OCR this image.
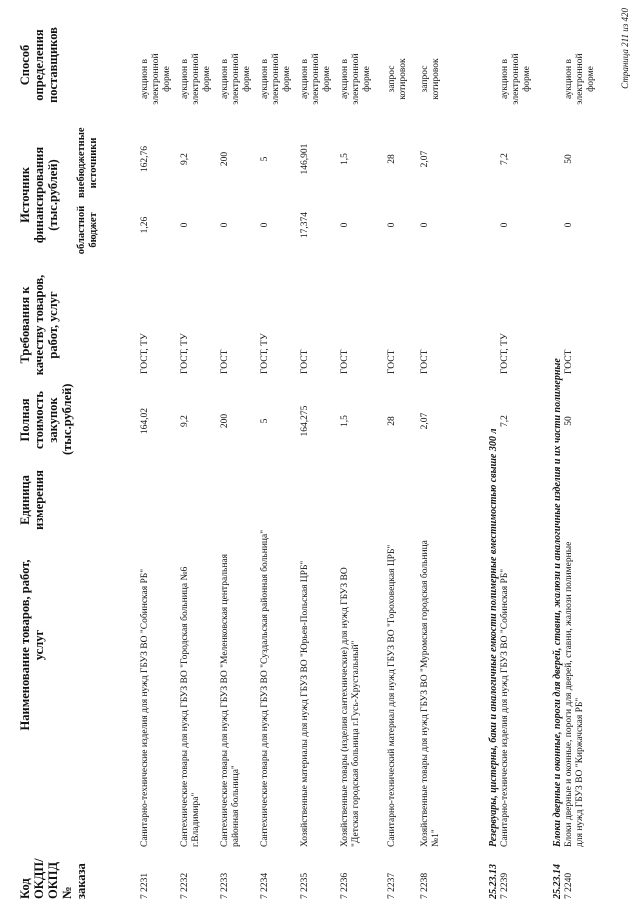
Код ОКДП/ ОКПД № заказа
Наименование товаров, работ, услуг
Единица измерения
Полная стоимость закупок (тыс.рублей)
Требования к качеству товаров, работ, услуг
Источник финансирования (тыс.рублей) областной бюджет
внебюджетные источники
Способ определения поставщиков
7 2231
Санитарно-технические изделия для нужд ГБУЗ ВО "Собинская РБ"
164,02
ГОСТ, ТУ
1,26
162,76
аукцион в электронной форме
7 2232
Сантехнические товары для нужд ГБУЗ ВО "Городская больница №6 г.Владимира"
9,2
ГОСТ, ТУ
0
9,2
аукцион в электронной форме
7 2233
Сантехнические товары для нужд ГБУЗ ВО "Меленковская центральная районная больница"
200
ГОСТ
0
200
аукцион в электронной форме
7 2234
Сантехнические товары для нужд ГБУЗ ВО "Суздальская районная больница"
5
ГОСТ, ТУ
0
5
аукцион в электронной форме
7 2235
Хозяйственные материалы для нужд ГБУЗ ВО "Юрьев-Польская ЦРБ"
164,275
ГОСТ
17,374
146,901
аукцион в электронной форме
7 2236
Хозяйственные товары (изделия сантехнические) для нужд ГБУЗ ВО "Детская городская больница г.Гусь-Хрустальный"
1,5
ГОСТ
0
1,5
аукцион в электронной форме
7 2237
Санитарно-технический материал для нужд ГБУЗ ВО "Гороховецкая ЦРБ"
28
ГОСТ
0
28
запрос котировок
7 2238
Хозяйственные товары для нужд ГБУЗ ВО "Муромская городская больница №1"
2,07
ГОСТ
0
2,07
запрос котировок
25.23.13
Резервуары, цистерны, баки и аналогичные емкости полимерные вместимостью свыше 300 л
7 2239
Санитарно-технические изделия для нужд ГБУЗ ВО "Собинская РБ"
7,2
ГОСТ, ТУ
0
7,2
аукцион в электронной форме
25.23.14
Блоки дверные и оконные, пороги для дверей, ставни, жалюзи и аналогичные изделия и их части полимерные
7 2240
Блоки дверные и оконные, пороги для дверей, ставни, жалюзи полимерные для нужд ГБУЗ ВО "Киржачская РБ"
50
ГОСТ
0
50
аукцион в электронной форме	Страница 211 из 420
